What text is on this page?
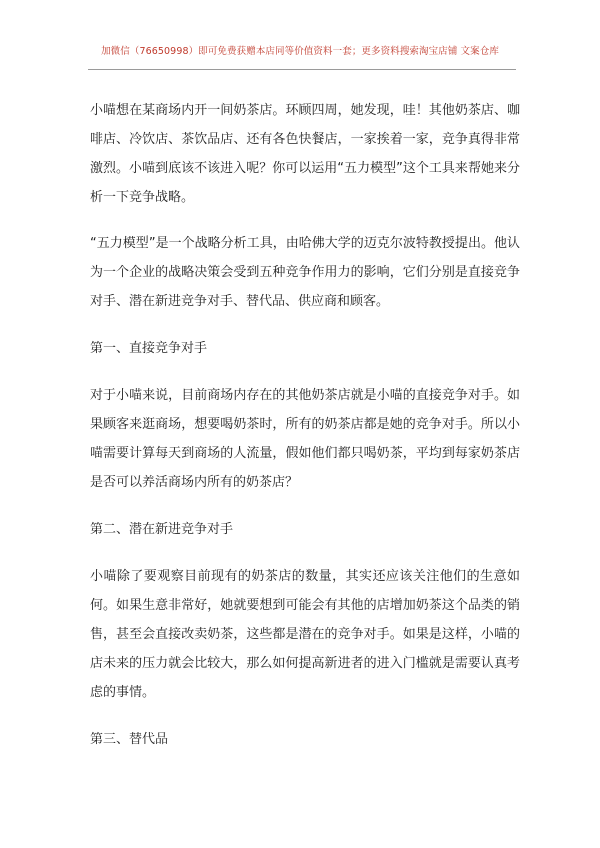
加微信（76650998）即可免费获赠本店同等价值资料一套；更多资料搜索淘宝店铺 文案仓库

小喵想在某商场内开一间奶茶店。环顾四周，她发现，哇！其他奶茶店、咖啡店、冷饮店、茶饮品店、还有各色快餐店，一家挨着一家，竞争真得非常激烈。小喵到底该不该进入呢？你可以运用“五力模型”这个工具来帮她来分析一下竞争战略。

“五力模型”是一个战略分析工具，由哈佛大学的迈克尔波特教授提出。他认为一个企业的战略决策会受到五种竞争作用力的影响，它们分别是直接竞争对手、潜在新进竞争对手、替代品、供应商和顾客。

第一、直接竞争对手

对于小喵来说，目前商场内存在的其他奶茶店就是小喵的直接竞争对手。如果顾客来逛商场，想要喝奶茶时，所有的奶茶店都是她的竞争对手。所以小喵需要计算每天到商场的人流量，假如他们都只喝奶茶，平均到每家奶茶店是否可以养活商场内所有的奶茶店？

第二、潜在新进竞争对手

小喵除了要观察目前现有的奶茶店的数量，其实还应该关注他们的生意如何。如果生意非常好，她就要想到可能会有其他的店增加奶茶这个品类的销售，甚至会直接改卖奶茶，这些都是潜在的竞争对手。如果是这样，小喵的店未来的压力就会比较大，那么如何提高新进者的进入门槛就是需要认真考虑的事情。

第三、替代品
